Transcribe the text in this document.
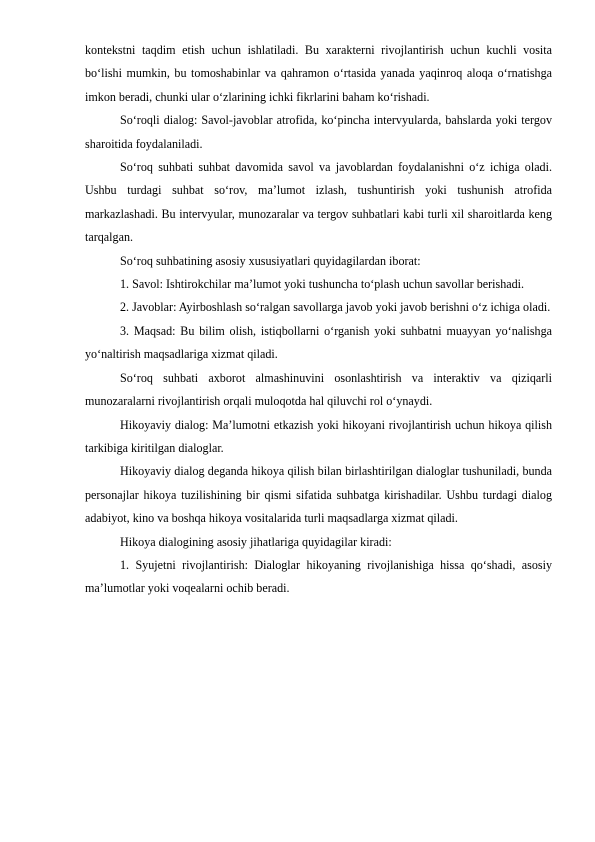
kontekstni taqdim etish uchun ishlatiladi. Bu xarakterni rivojlantirish uchun kuchli vosita bo‘lishi mumkin, bu tomoshabinlar va qahramon o‘rtasida yanada yaqinroq aloqa o‘rnatishga imkon beradi, chunki ular o‘zlarining ichki fikrlarini baham ko‘rishadi.

So‘roqli dialog: Savol-javoblar atrofida, ko‘pincha intervyularda, bahslarda yoki tergov sharoitida foydalaniladi.

So‘roq suhbati suhbat davomida savol va javoblardan foydalanishni o‘z ichiga oladi. Ushbu turdagi suhbat so‘rov, ma’lumot izlash, tushuntirish yoki tushunish atrofida markazlashadi. Bu intervyular, munozaralar va tergov suhbatlari kabi turli xil sharoitlarda keng tarqalgan.

So‘roq suhbatining asosiy xususiyatlari quyidagilardan iborat:

1. Savol: Ishtirokchilar ma’lumot yoki tushuncha to‘plash uchun savollar berishadi.

2. Javoblar: Ayirboshlash so‘ralgan savollarga javob yoki javob berishni o‘z ichiga oladi.

3. Maqsad: Bu bilim olish, istiqbollarni o‘rganish yoki suhbatni muayyan yo‘nalishga yo‘naltirish maqsadlariga xizmat qiladi.

So‘roq suhbati axborot almashinuvini osonlashtirish va interaktiv va qiziqarli munozaralarni rivojlantirish orqali muloqotda hal qiluvchi rol o‘ynaydi.

Hikoyaviy dialog: Ma’lumotni etkazish yoki hikoyani rivojlantirish uchun hikoya qilish tarkibiga kiritilgan dialoglar.

Hikoyaviy dialog deganda hikoya qilish bilan birlashtirilgan dialoglar tushuniladi, bunda personajlar hikoya tuzilishining bir qismi sifatida suhbatga kirishadilar. Ushbu turdagi dialog adabiyot, kino va boshqa hikoya vositalarida turli maqsadlarga xizmat qiladi.

Hikoya dialogining asosiy jihatlariga quyidagilar kiradi:

1. Syujetni rivojlantirish: Dialoglar hikoyaning rivojlanishiga hissa qo‘shadi, asosiy ma’lumotlar yoki voqealarni ochib beradi.
